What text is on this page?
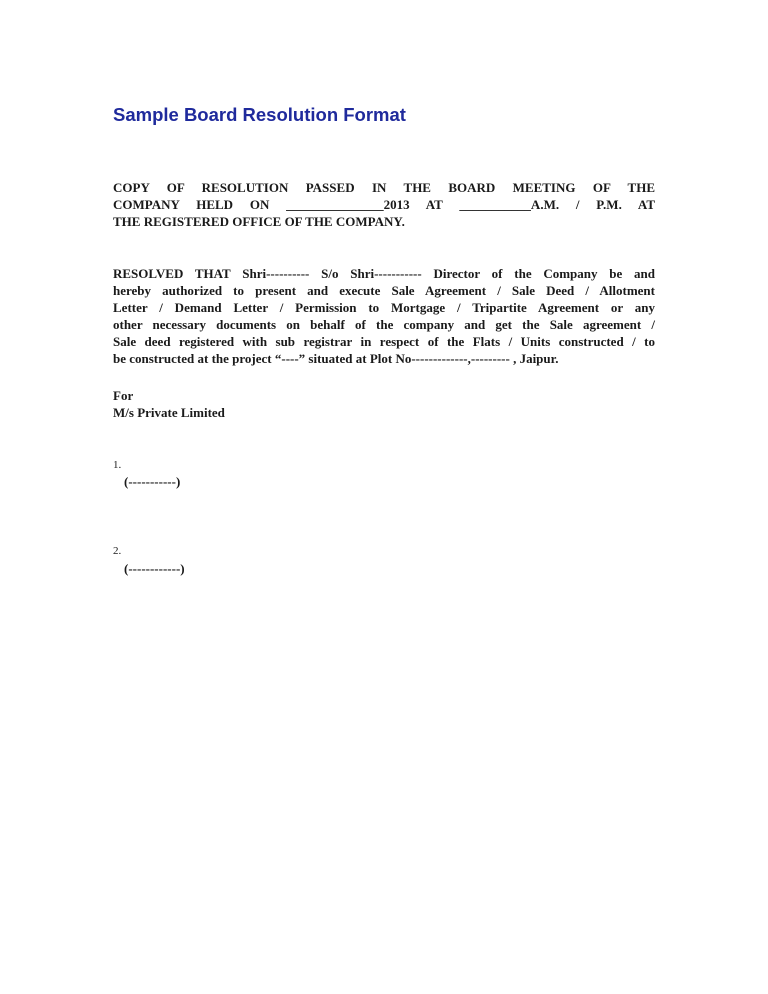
Sample Board Resolution Format

COPY OF RESOLUTION PASSED IN THE BOARD MEETING OF THE
COMPANY HELD ON _______________2013 AT ___________A.M. / P.M. AT
THE REGISTERED OFFICE OF THE COMPANY.

RESOLVED THAT Shri---------- S/o Shri----------- Director of the Company be and
hereby authorized to present and execute Sale Agreement / Sale Deed / Allotment
Letter / Demand Letter / Permission to Mortgage / Tripartite Agreement or any
other necessary documents on behalf of the company and get the Sale agreement /
Sale deed registered with sub registrar in respect of the Flats / Units constructed / to
be constructed at the project “----” situated at Plot No-------------,--------- , Jaipur.

For
M/s Private Limited
1.
(-----------)
2.
(------------)
